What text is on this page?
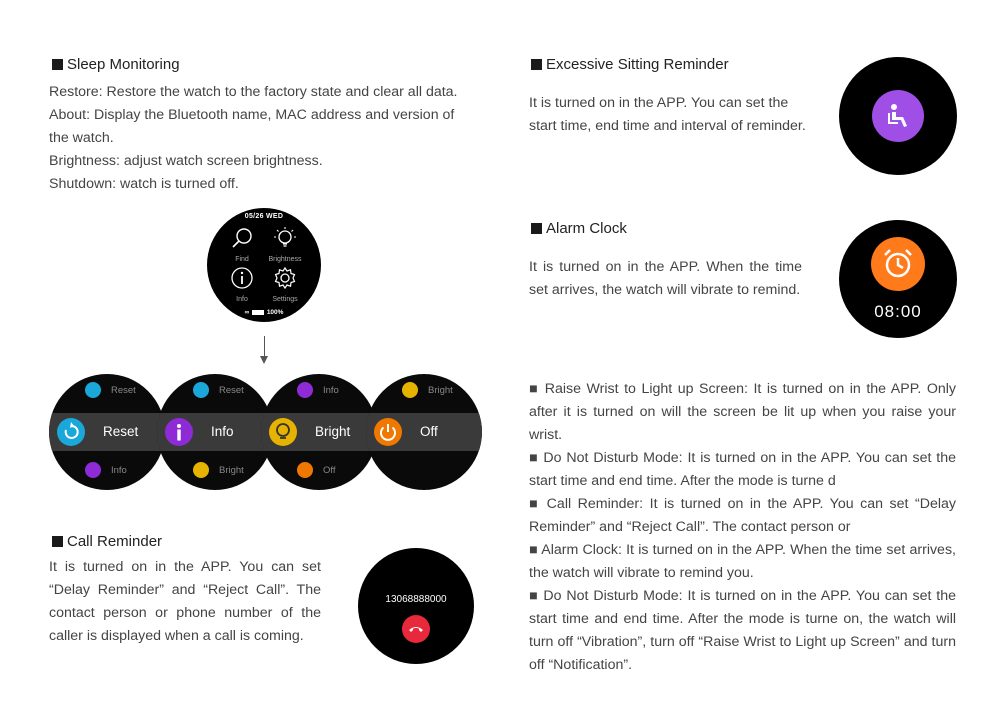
Sleep Monitoring

Restore: Restore the watch to the factory state and clear all data.

About: Display the Bluetooth name, MAC address and version of

the watch.

Brightness: adjust watch screen brightness.

Shutdown: watch is turned off.

05/26 WED
Find	Brightness
Info	Settings
∞	100%
Reset
Reset
Info
Reset
Info
Bright
Info
Bright
Off
Bright
Off
Call Reminder
It is turned on in the APP. You can set “Delay Reminder” and “Reject Call”. The contact person or phone number of the caller is displayed when a call is coming.
13068888000
Excessive Sitting Reminder
It is turned on in the APP. You can set the start time, end time and interval of reminder.
Alarm Clock
It is turned on in the APP. When the time set arrives, the watch will vibrate to remind.
08:00

■ Raise Wrist to Light up Screen: It is turned on in the APP. Only after it is turned on will the screen be lit up when you raise your wrist.

■ Do Not Disturb Mode: It is turned on in the APP. You can set the start time and end time. After the mode is turne d

■ Call Reminder: It is turned on in the APP. You can set “Delay Reminder” and “Reject Call”. The contact person or

■ Alarm Clock: It is turned on in the APP. When the time set arrives, the watch will vibrate to remind you.

■ Do Not Disturb Mode: It is turned on in the APP. You can set the start time and end time. After the mode is turne on, the watch will turn off “Vibration”, turn off “Raise Wrist to Light up Screen” and turn off “Notification”.
